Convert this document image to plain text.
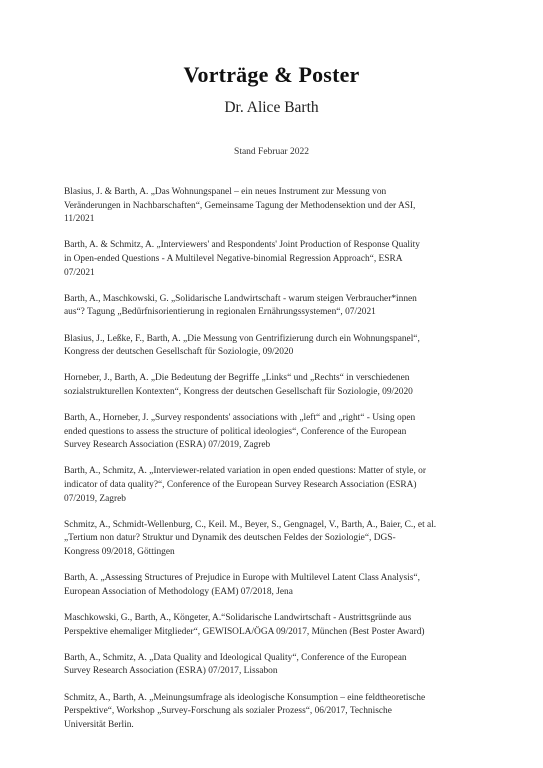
Vorträge & Poster
Dr. Alice Barth
Stand Februar 2022
Blasius, J. & Barth, A. „Das Wohnungspanel – ein neues Instrument zur Messung von
Veränderungen in Nachbarschaften“, Gemeinsame Tagung der Methodensektion und der ASI,
11/2021
Barth, A. & Schmitz, A. „Interviewers' and Respondents' Joint Production of Response Quality
in Open-ended Questions - A Multilevel Negative-binomial Regression Approach“, ESRA
07/2021
Barth, A., Maschkowski, G. „Solidarische Landwirtschaft - warum steigen Verbraucher*innen
aus“? Tagung „Bedürfnisorientierung in regionalen Ernährungssystemen“, 07/2021
Blasius, J., Leßke, F., Barth, A. „Die Messung von Gentrifizierung durch ein Wohnungspanel“,
Kongress der deutschen Gesellschaft für Soziologie, 09/2020
Horneber, J., Barth, A. „Die Bedeutung der Begriffe „Links“ und „Rechts“ in verschiedenen
sozialstrukturellen Kontexten“, Kongress der deutschen Gesellschaft für Soziologie, 09/2020
Barth, A., Horneber, J. „Survey respondents' associations with „left“ and „right“ - Using open
ended questions to assess the structure of political ideologies“, Conference of the European
Survey Research Association (ESRA) 07/2019, Zagreb
Barth, A., Schmitz, A. „Interviewer-related variation in open ended questions: Matter of style, or
indicator of data quality?“, Conference of the European Survey Research Association (ESRA)
07/2019, Zagreb
Schmitz, A., Schmidt-Wellenburg, C., Keil. M., Beyer, S., Gengnagel, V., Barth, A., Baier, C., et al.
„Tertium non datur? Struktur und Dynamik des deutschen Feldes der Soziologie“, DGS-
Kongress 09/2018, Göttingen
Barth, A. „Assessing Structures of Prejudice in Europe with Multilevel Latent Class Analysis“,
European Association of Methodology (EAM) 07/2018, Jena
Maschkowski, G., Barth, A., Köngeter, A.“Solidarische Landwirtschaft - Austrittsgründe aus
Perspektive ehemaliger Mitglieder“, GEWISOLA/ÖGA 09/2017, München (Best Poster Award)
Barth, A., Schmitz, A. „Data Quality and Ideological Quality“, Conference of the European
Survey Research Association (ESRA) 07/2017, Lissabon
Schmitz, A., Barth, A. „Meinungsumfrage als ideologische Konsumption – eine feldtheoretische
Perspektive“, Workshop „Survey-Forschung als sozialer Prozess“, 06/2017, Technische
Universität Berlin.
